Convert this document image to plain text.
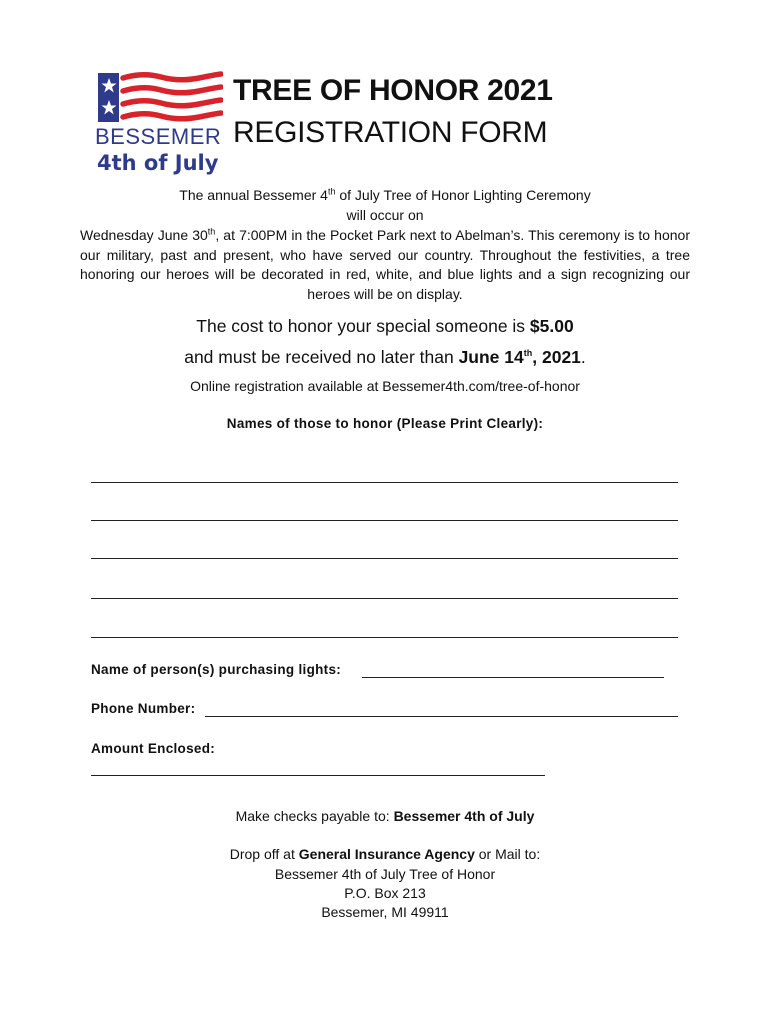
BESSEMER
4th of July
TREE OF HONOR 2021
REGISTRATION FORM
The annual Bessemer 4th of July Tree of Honor Lighting Ceremony
will occur on
Wednesday June 30th, at 7:00PM in the Pocket Park next to Abelman’s. This ceremony is to honor our military, past and present, who have served our country. Throughout the festivities, a tree honoring our heroes will be decorated in red, white, and blue lights and a sign recognizing our heroes will be on display.
The cost to honor your special someone is $5.00
and must be received no later than June 14th, 2021.
Online registration available at Bessemer4th.com/tree-of-honor
Names of those to honor (Please Print Clearly):
Name of person(s) purchasing lights:
Phone Number:
Amount Enclosed:
Make checks payable to: Bessemer 4th of July
Drop off at General Insurance Agency or Mail to:
Bessemer 4th of July Tree of Honor
P.O. Box 213
Bessemer, MI 49911
